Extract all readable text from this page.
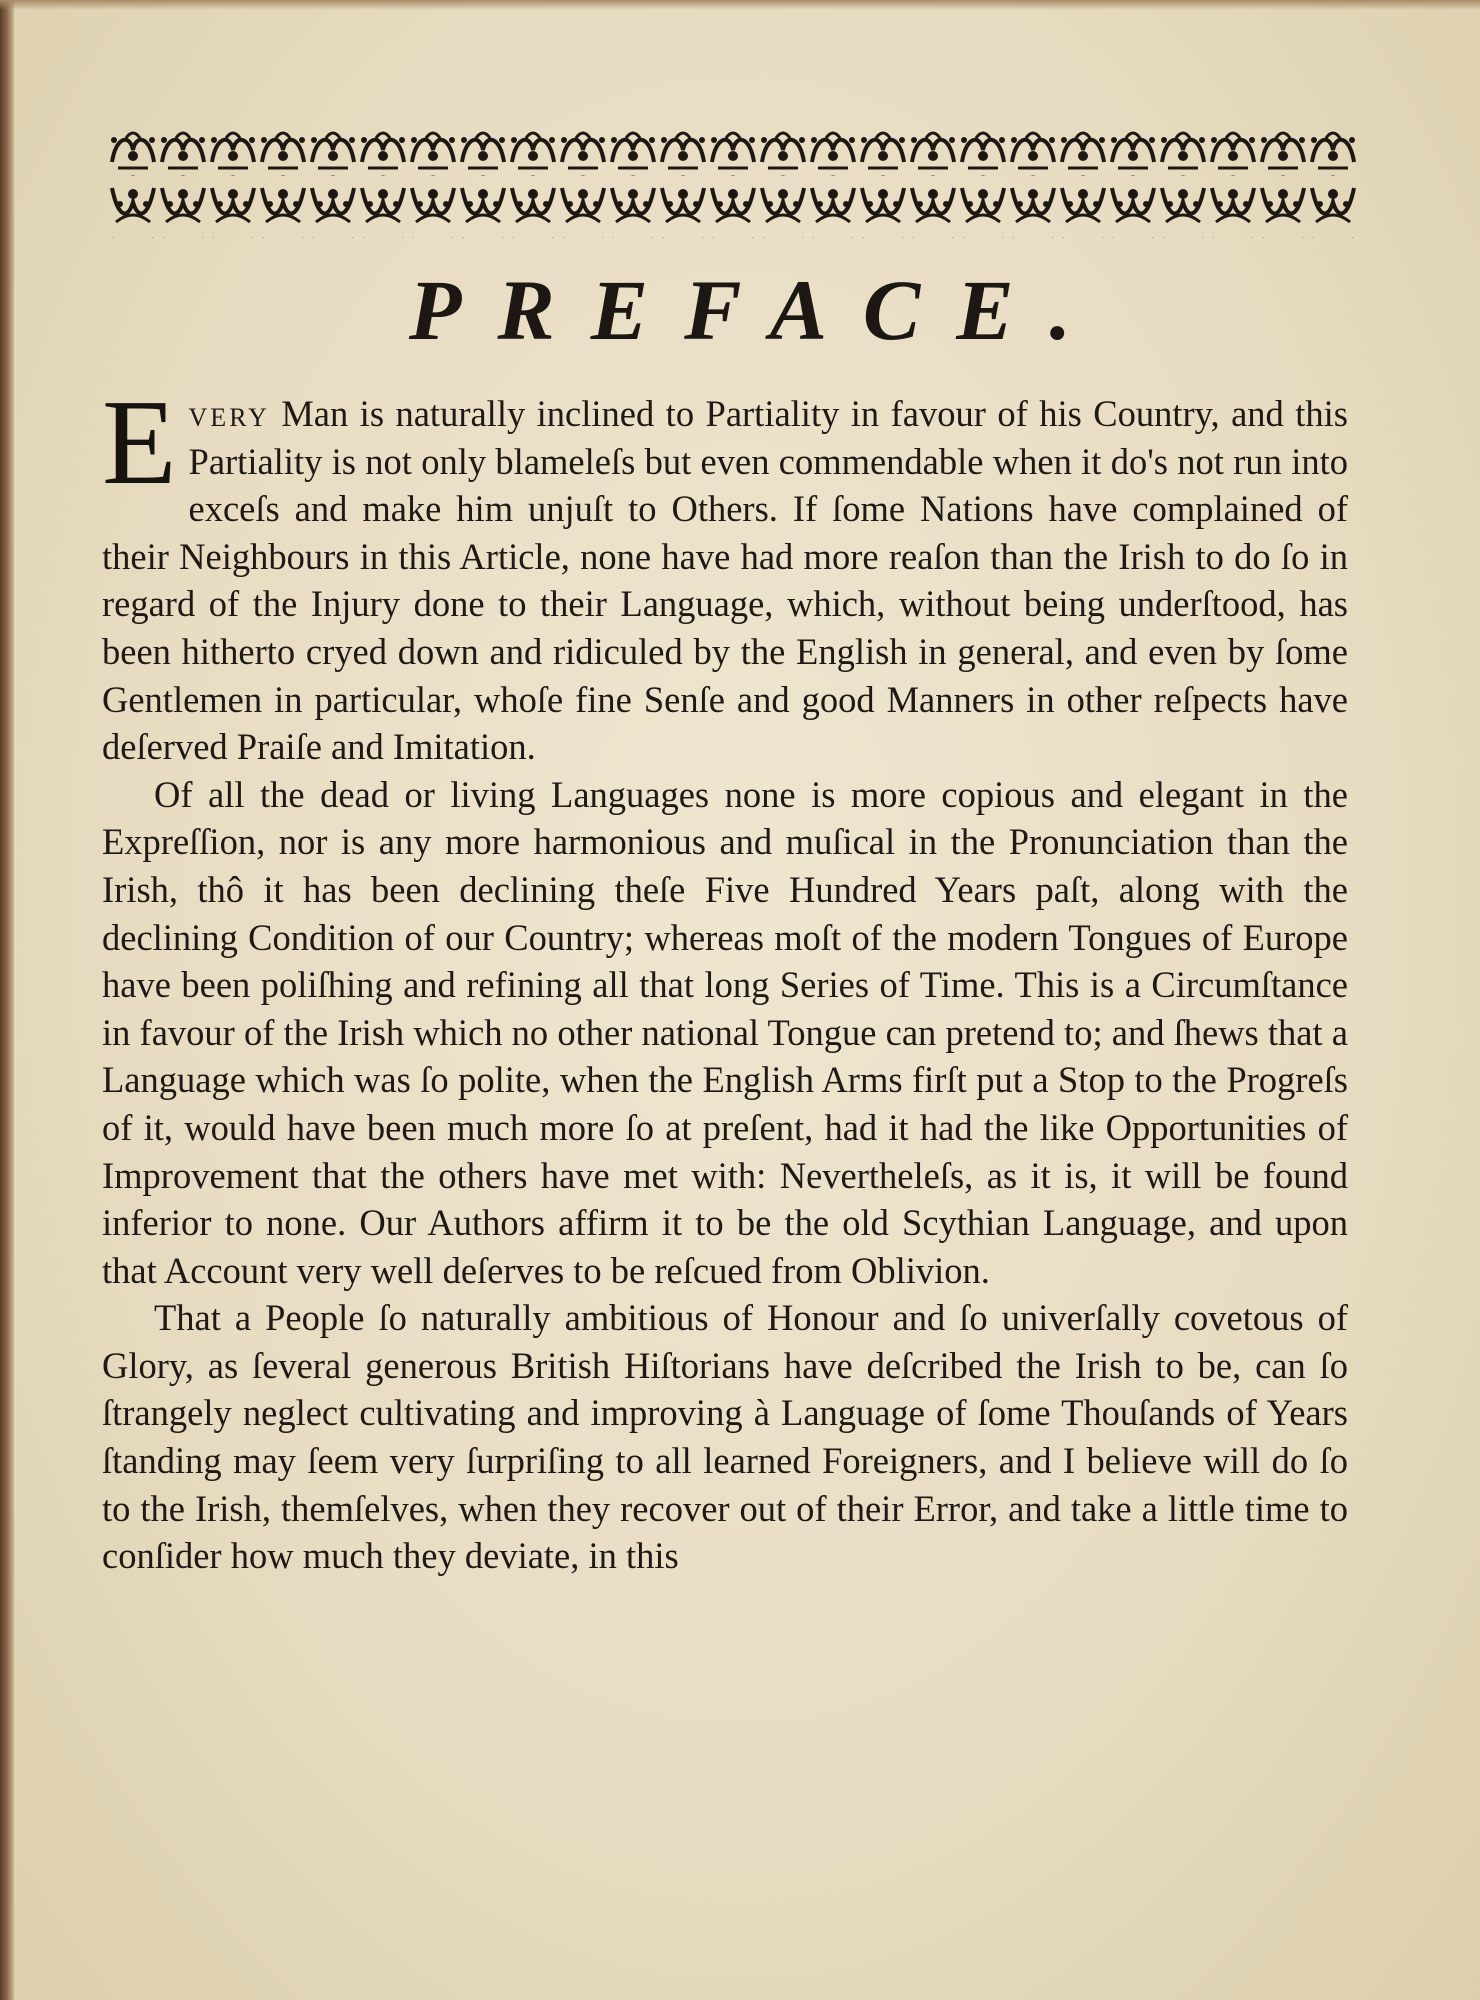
PREFACE.

Every Man is naturally inclined to Partiality in favour of his Country, and this Partiality is not only blameleſs but even commendable when it do's not run into exceſs and make him unjuſt to Others. If ſome Nations have complained of their Neighbours in this Article, none have had more reaſon than the Irish to do ſo in regard of the Injury done to their Language, which, without being underſtood, has been hitherto cryed down and ridiculed by the English in general, and even by ſome Gentlemen in particular, whoſe fine Senſe and good Manners in other reſpects have deſerved Praiſe and Imitation.

Of all the dead or living Languages none is more copious and elegant in the Expreſſion, nor is any more harmonious and muſical in the Pronunciation than the Irish, thô it has been declining theſe Five Hundred Years paſt, along with the declining Condition of our Country; whereas moſt of the modern Tongues of Europe have been poliſhing and refining all that long Series of Time. This is a Circumſtance in favour of the Irish which no other national Tongue can pretend to; and ſhews that a Language which was ſo polite, when the English Arms firſt put a Stop to the Progreſs of it, would have been much more ſo at preſent, had it had the like Opportunities of Improvement that the others have met with: Neverthеleſs, as it is, it will be found inferior to none. Our Authors affirm it to be the old Scythian Language, and upon that Account very well deſerves to be reſcued from Oblivion.

That a People ſo naturally ambitious of Honour and ſo univerſally covetous of Glory, as ſeveral generous British Hiſtorians have deſcribed the Irish to be, can ſo ſtrangely neglect cultivating and improving à Language of ſome Thouſands of Years ſtanding may ſeem very ſurpriſing to all learned Foreigners, and I believe will do ſo to the Irish, themſelves, when they recover out of their Error, and take a little time to conſider how much they deviate, in this
